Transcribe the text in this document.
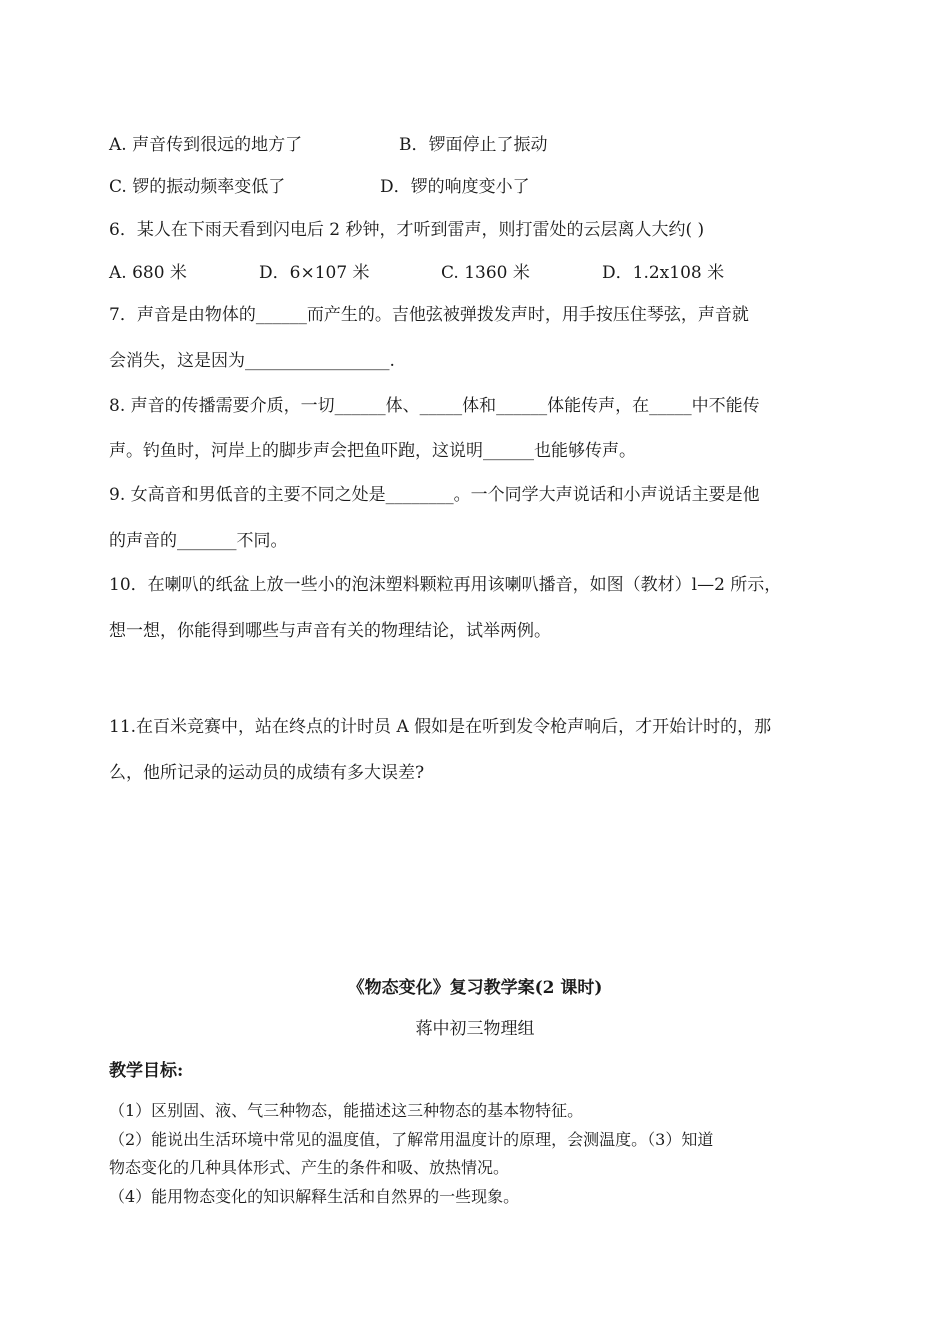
A. 声音传到很远的地方了	B．锣面停止了振动
C. 锣的振动频率变低了	D．锣的响度变小了
6．某人在下雨天看到闪电后 2 秒钟，才听到雷声，则打雷处的云层离人大约( )
A. 680 米	D．6×107 米	C. 1360 米	D．1.2x108 米
7．声音是由物体的______而产生的。吉他弦被弹拨发声时，用手按压住琴弦，声音就
会消失，这是因为_________________.
8. 声音的传播需要介质，一切______体、_____体和______体能传声，在_____中不能传
声。钓鱼时，河岸上的脚步声会把鱼吓跑，这说明______也能够传声。
9. 女高音和男低音的主要不同之处是________。一个同学大声说话和小声说话主要是他
的声音的_______不同。
10．在喇叭的纸盆上放一些小的泡沫塑料颗粒再用该喇叭播音，如图（教材）l—2 所示，
想一想，你能得到哪些与声音有关的物理结论，试举两例。
11.在百米竞赛中，站在终点的计时员 A 假如是在听到发令枪声响后，才开始计时的，那
么，他所记录的运动员的成绩有多大误差?
《物态变化》复习教学案(2 课时)
蒋中初三物理组
教学目标:
（1）区别固、液、气三种物态，能描述这三种物态的基本物特征。
（2）能说出生活环境中常见的温度值，了解常用温度计的原理，会测温度。（3）知道
物态变化的几种具体形式、产生的条件和吸、放热情况。
（4）能用物态变化的知识解释生活和自然界的一些现象。
